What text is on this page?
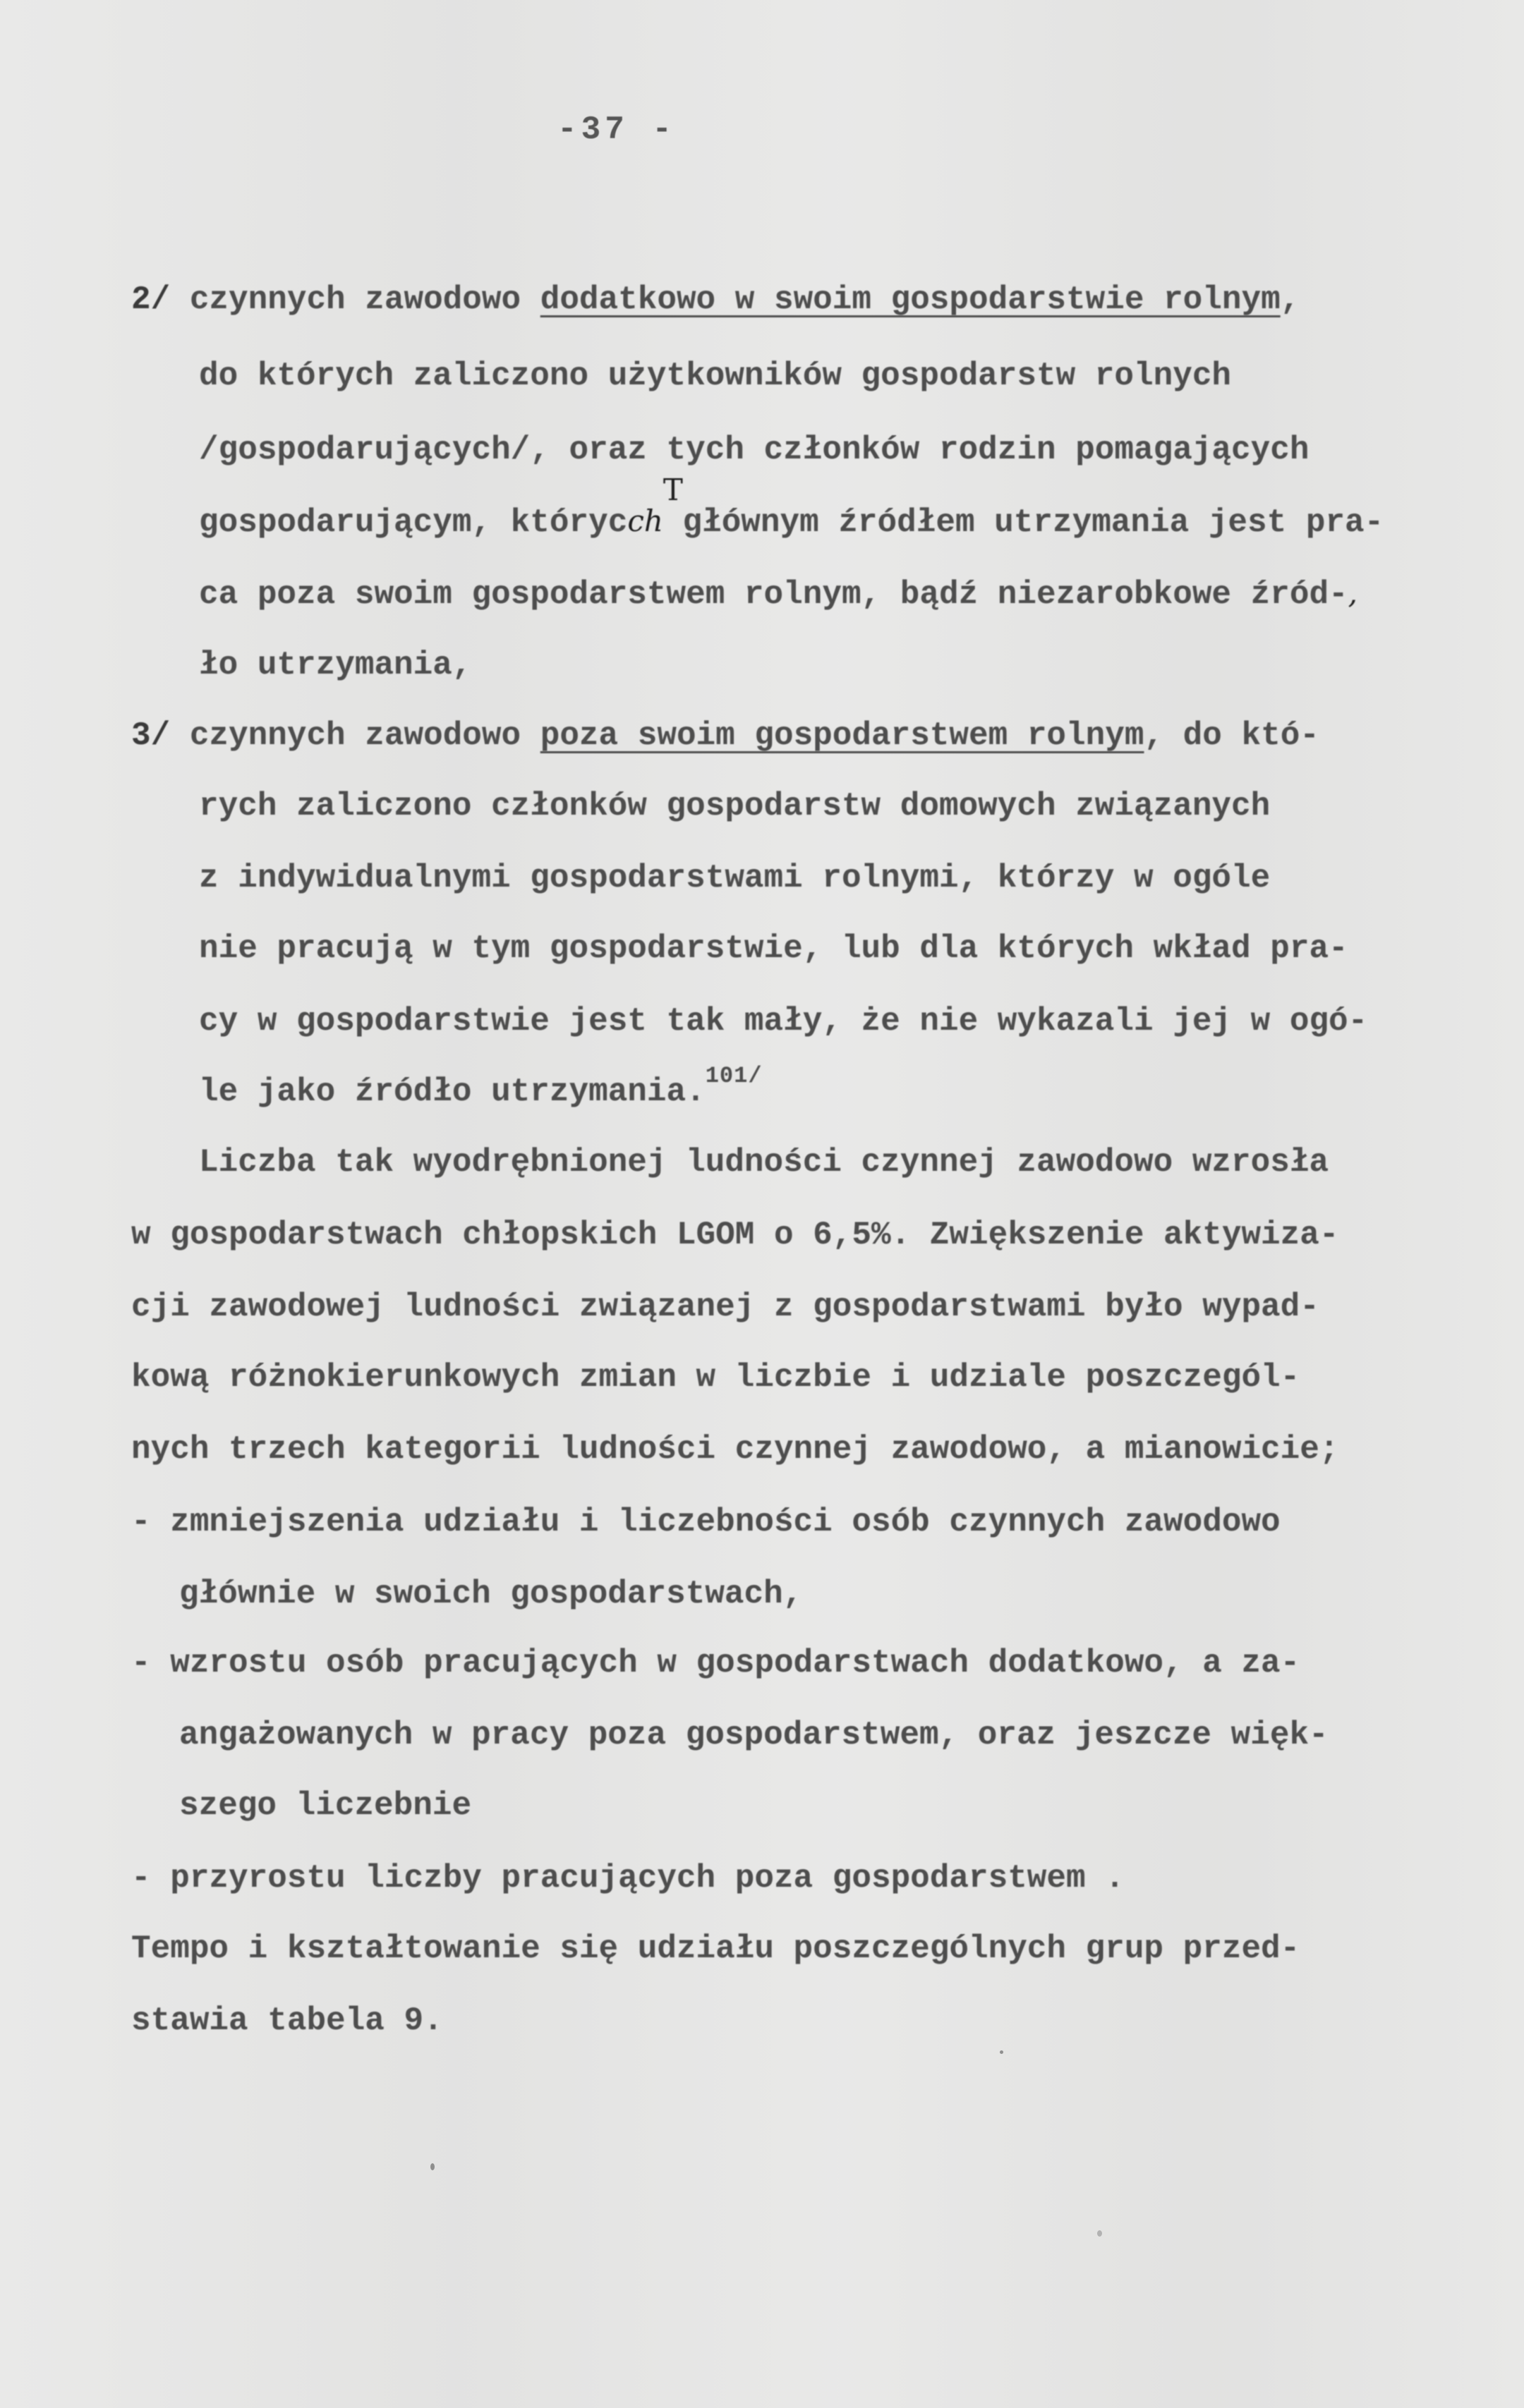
-37 -
2/ czynnych zawodowo dodatkowo w swoim gospodarstwie rolnym,
do których zaliczono użytkowników gospodarstw rolnych
/gospodarujących/, oraz tych członków rodzin pomagających
gospodarującym, którycchT głównym źródłem utrzymania jest pra-
ca poza swoim gospodarstwem rolnym, bądź niezarobkowe źród-,
ło utrzymania,
3/ czynnych zawodowo poza swoim gospodarstwem rolnym, do któ-
rych zaliczono członków gospodarstw domowych związanych
z indywidualnymi gospodarstwami rolnymi, którzy w ogóle
nie pracują w tym gospodarstwie, lub dla których wkład pra-
cy w gospodarstwie jest tak mały, że nie wykazali jej w ogó-
le jako źródło utrzymania.$^{101/}$
Liczba tak wyodrębnionej ludności czynnej zawodowo wzrosła
w gospodarstwach chłopskich LGOM o 6,5%. Zwiększenie aktywiza-
cji zawodowej ludności związanej z gospodarstwami było wypad-
kową różnokierunkowych zmian w liczbie i udziale poszczegól-
nych trzech kategorii ludności czynnej zawodowo, a mianowicie;
- zmniejszenia udziału i liczebności osób czynnych zawodowo
głównie w swoich gospodarstwach,
- wzrostu osób pracujących w gospodarstwach dodatkowo, a za-
angażowanych w pracy poza gospodarstwem, oraz jeszcze więk-
szego liczebnie
- przyrostu liczby pracujących poza gospodarstwem .
Tempo i kształtowanie się udziału poszczególnych grup przed-
stawia tabela 9.
